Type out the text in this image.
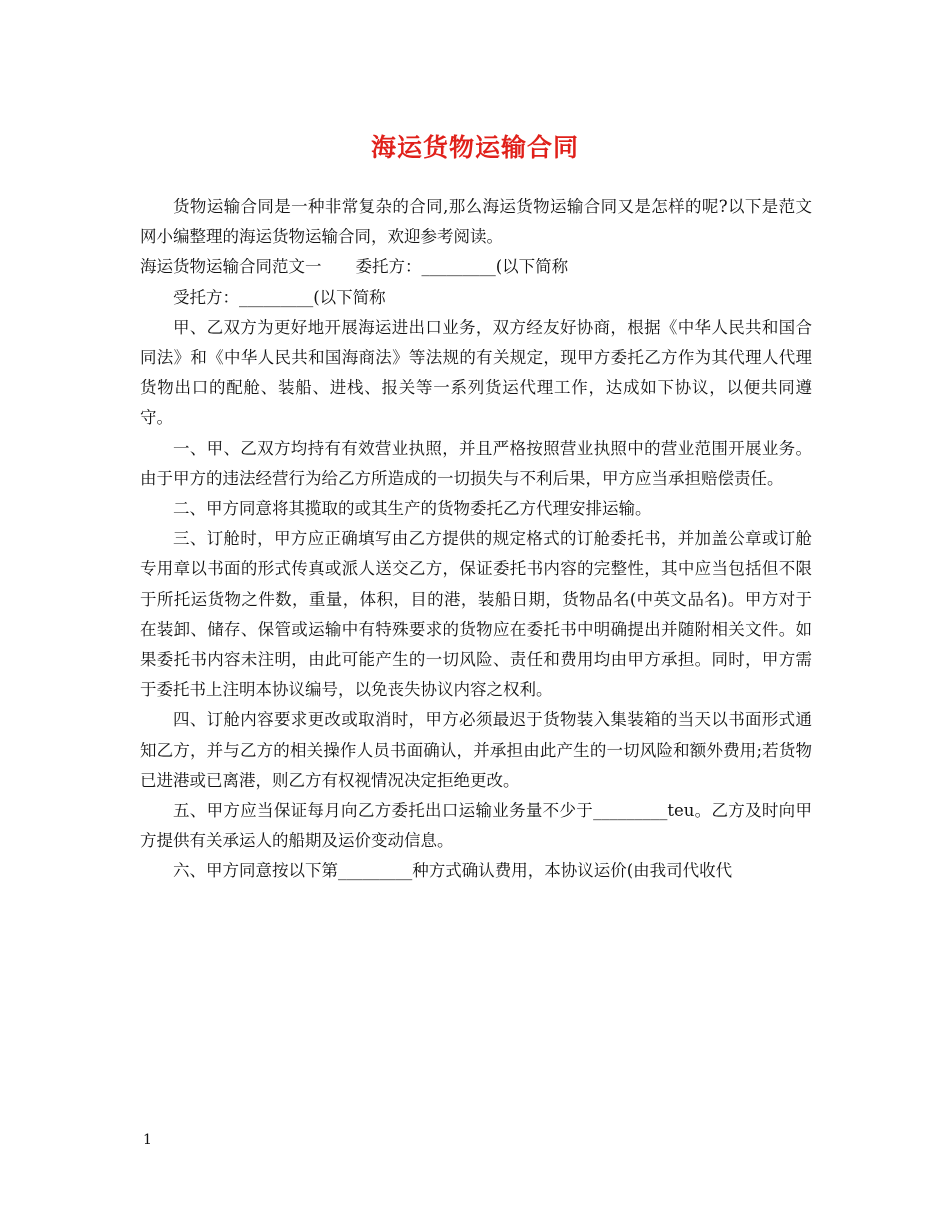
海运货物运输合同

货物运输合同是一种非常复杂的合同,那么海运货物运输合同又是怎样的呢?以下是范文网小编整理的海运货物运输合同，欢迎参考阅读。

海运货物运输合同范文一 委托方：_________(以下简称

受托方：_________(以下简称

甲、乙双方为更好地开展海运进出口业务，双方经友好协商，根据《中华人民共和国合同法》和《中华人民共和国海商法》等法规的有关规定，现甲方委托乙方作为其代理人代理货物出口的配舱、装船、进栈、报关等一系列货运代理工作，达成如下协议，以便共同遵守。

一、甲、乙双方均持有有效营业执照，并且严格按照营业执照中的营业范围开展业务。由于甲方的违法经营行为给乙方所造成的一切损失与不利后果，甲方应当承担赔偿责任。

二、甲方同意将其揽取的或其生产的货物委托乙方代理安排运输。

三、订舱时，甲方应正确填写由乙方提供的规定格式的订舱委托书，并加盖公章或订舱专用章以书面的形式传真或派人送交乙方，保证委托书内容的完整性，其中应当包括但不限于所托运货物之件数，重量，体积，目的港，装船日期，货物品名(中英文品名)。甲方对于在装卸、储存、保管或运输中有特殊要求的货物应在委托书中明确提出并随附相关文件。如果委托书内容未注明，由此可能产生的一切风险、责任和费用均由甲方承担。同时，甲方需于委托书上注明本协议编号，以免丧失协议内容之权利。

四、订舱内容要求更改或取消时，甲方必须最迟于货物装入集装箱的当天以书面形式通知乙方，并与乙方的相关操作人员书面确认，并承担由此产生的一切风险和额外费用;若货物已进港或已离港，则乙方有权视情况决定拒绝更改。

五、甲方应当保证每月向乙方委托出口运输业务量不少于_________teu。乙方及时向甲方提供有关承运人的船期及运价变动信息。

六、甲方同意按以下第_________种方式确认费用，本协议运价(由我司代收代

1
